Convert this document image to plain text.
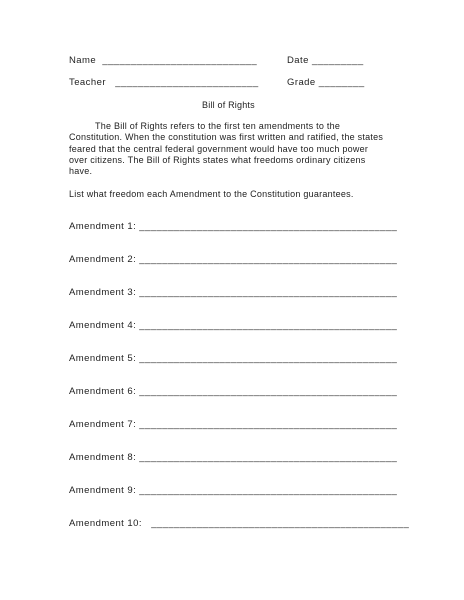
Name ___________________________	Date _________
Teacher _________________________	Grade ________
Bill of Rights
The Bill of Rights refers to the first ten amendments to the Constitution. When the constitution was first written and ratified, the states feared that the central federal government would have too much power over citizens. The Bill of Rights states what freedoms ordinary citizens have.
List what freedom each Amendment to the Constitution guarantees.
Amendment 1: _____________________________________________
Amendment 2: _____________________________________________
Amendment 3: _____________________________________________
Amendment 4: _____________________________________________
Amendment 5: _____________________________________________
Amendment 6: _____________________________________________
Amendment 7: _____________________________________________
Amendment 8: _____________________________________________
Amendment 9: _____________________________________________
Amendment 10: _____________________________________________
